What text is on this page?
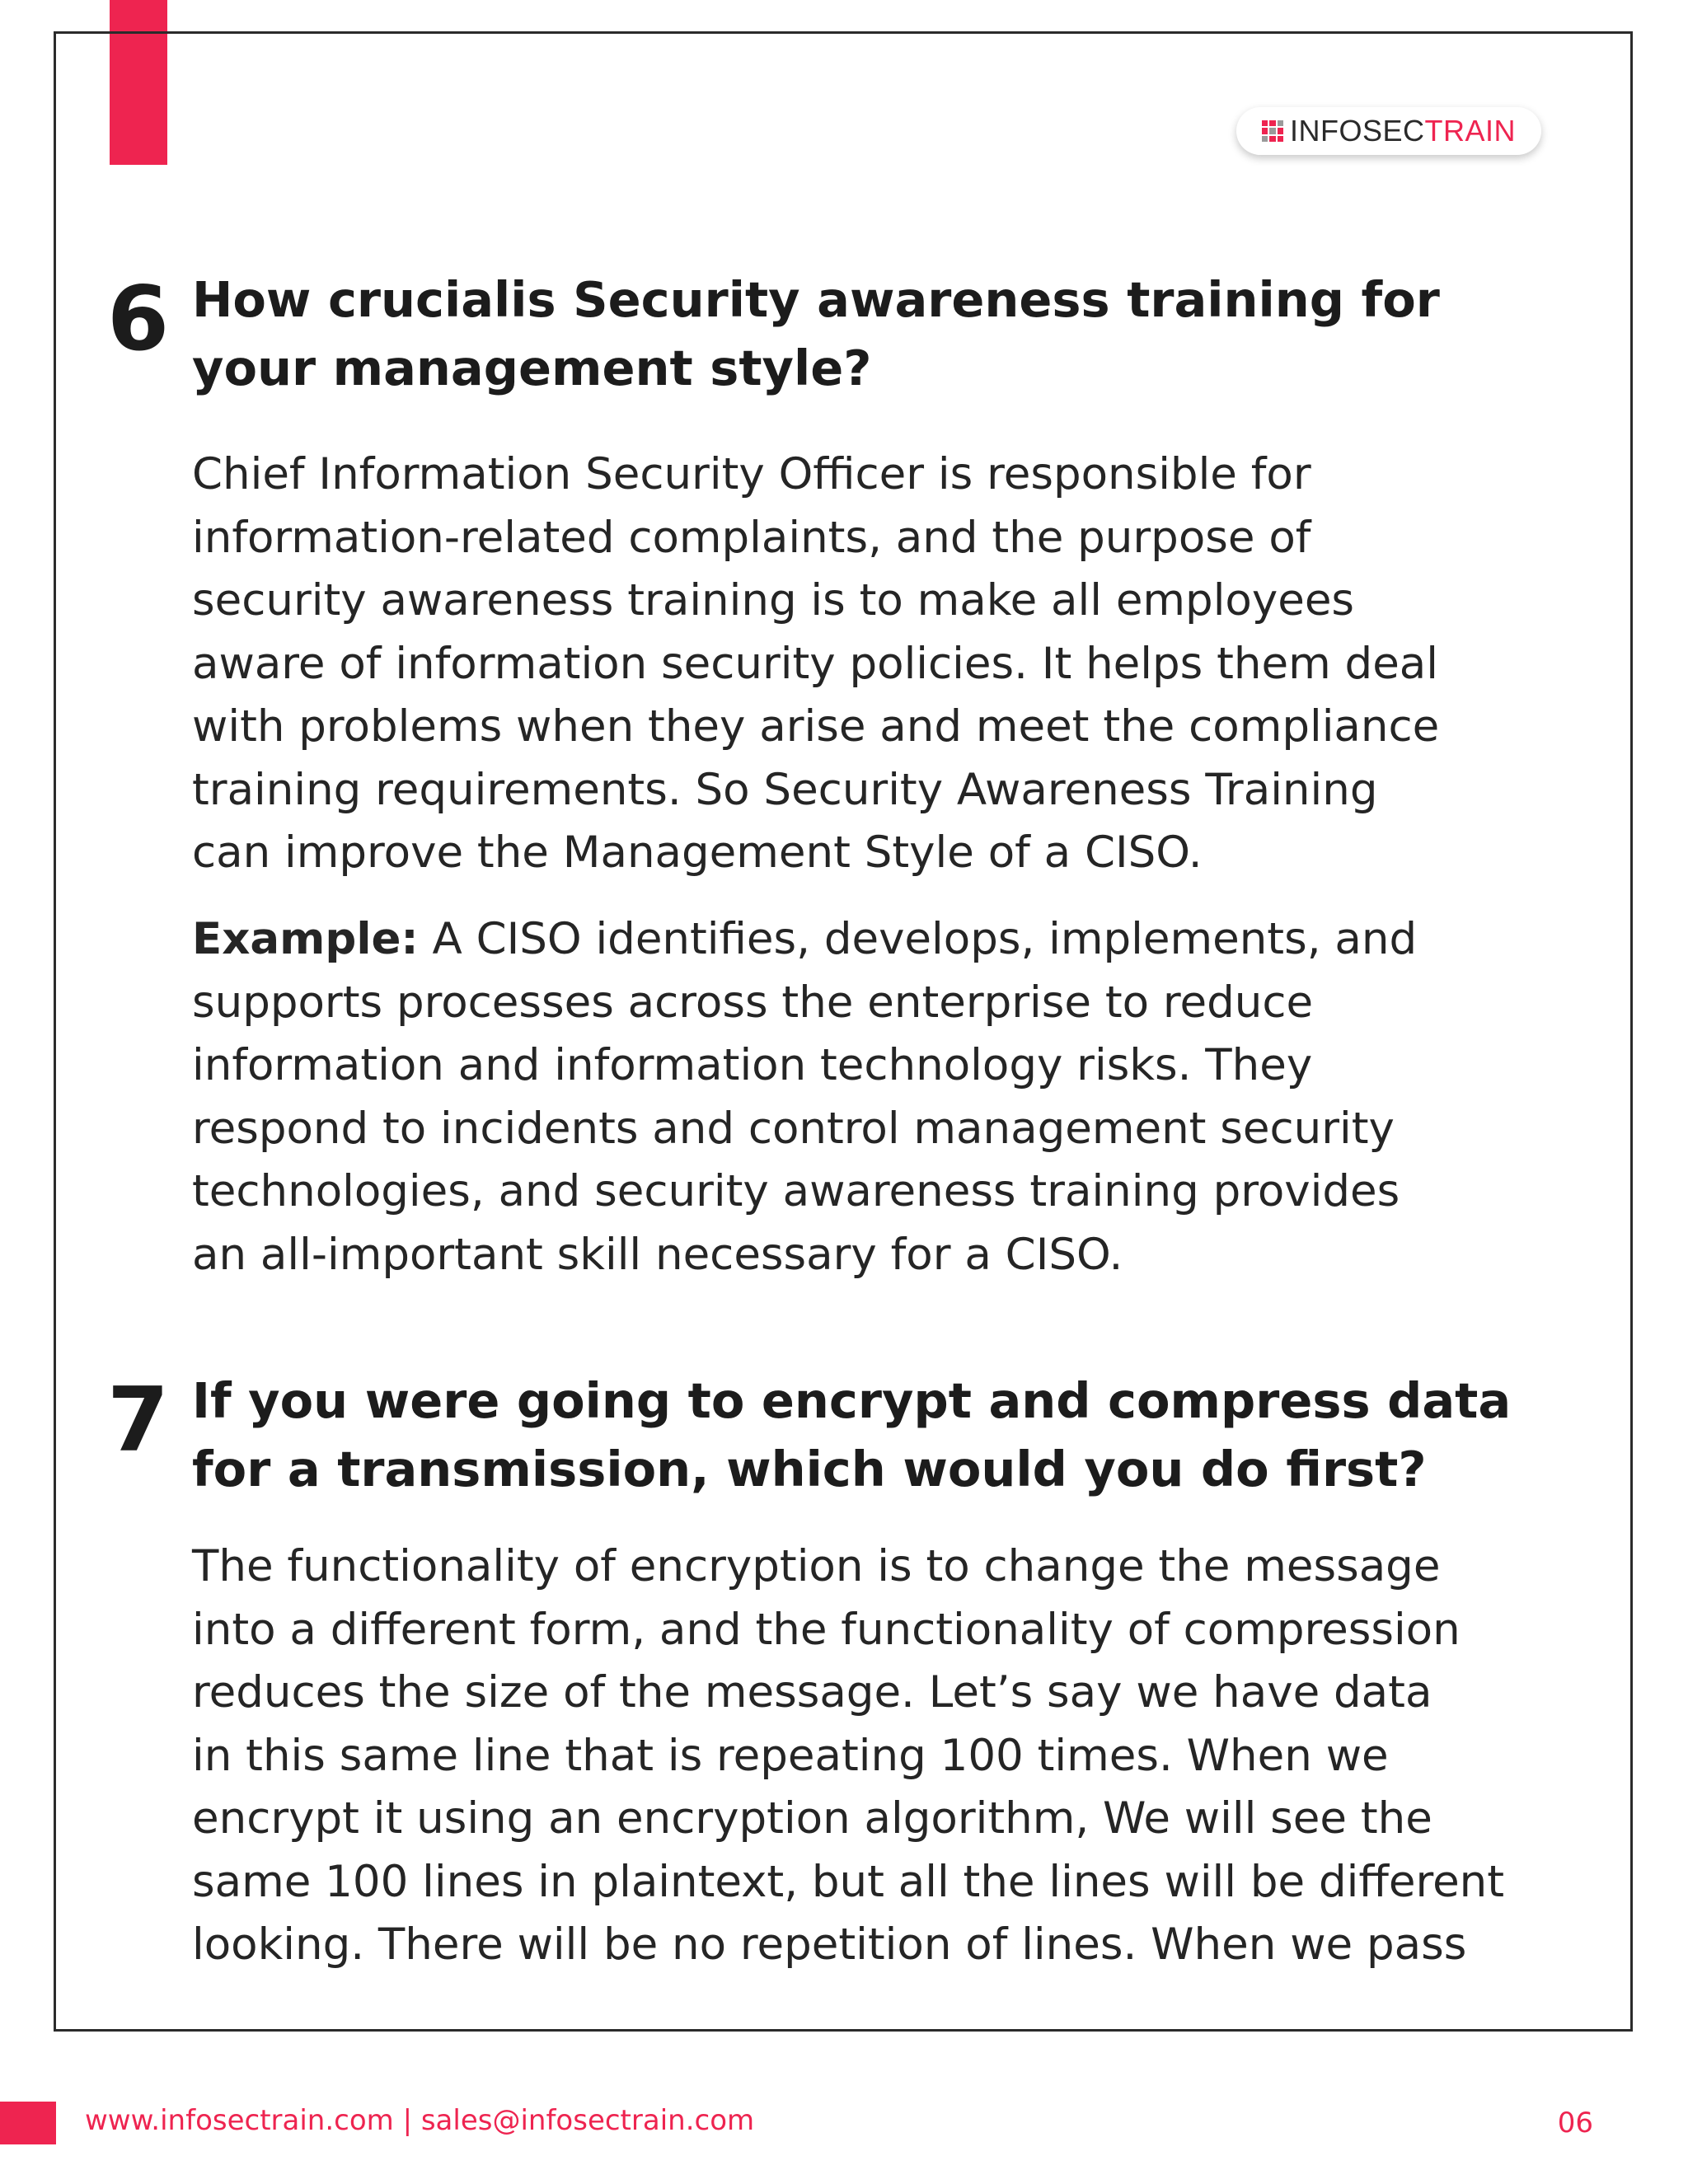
INFOSECTRAIN
6 How crucialis Security awareness training for
your management style?

Chief Information Security Officer is responsible for
information-related complaints, and the purpose of
security awareness training is to make all employees
aware of information security policies. It helps them deal
with problems when they arise and meet the compliance
training requirements. So Security Awareness Training
can improve the Management Style of a CISO.

Example: A CISO identifies, develops, implements, and
supports processes across the enterprise to reduce
information and information technology risks. They
respond to incidents and control management security
technologies, and security awareness training provides
an all-important skill necessary for a CISO.

7 If you were going to encrypt and compress data
for a transmission, which would you do first?

The functionality of encryption is to change the message
into a different form, and the functionality of compression
reduces the size of the message. Let’s say we have data
in this same line that is repeating 100 times. When we
encrypt it using an encryption algorithm, We will see the
same 100 lines in plaintext, but all the lines will be different
looking. There will be no repetition of lines. When we pass

www.infosectrain.com | sales@infosectrain.com	06
